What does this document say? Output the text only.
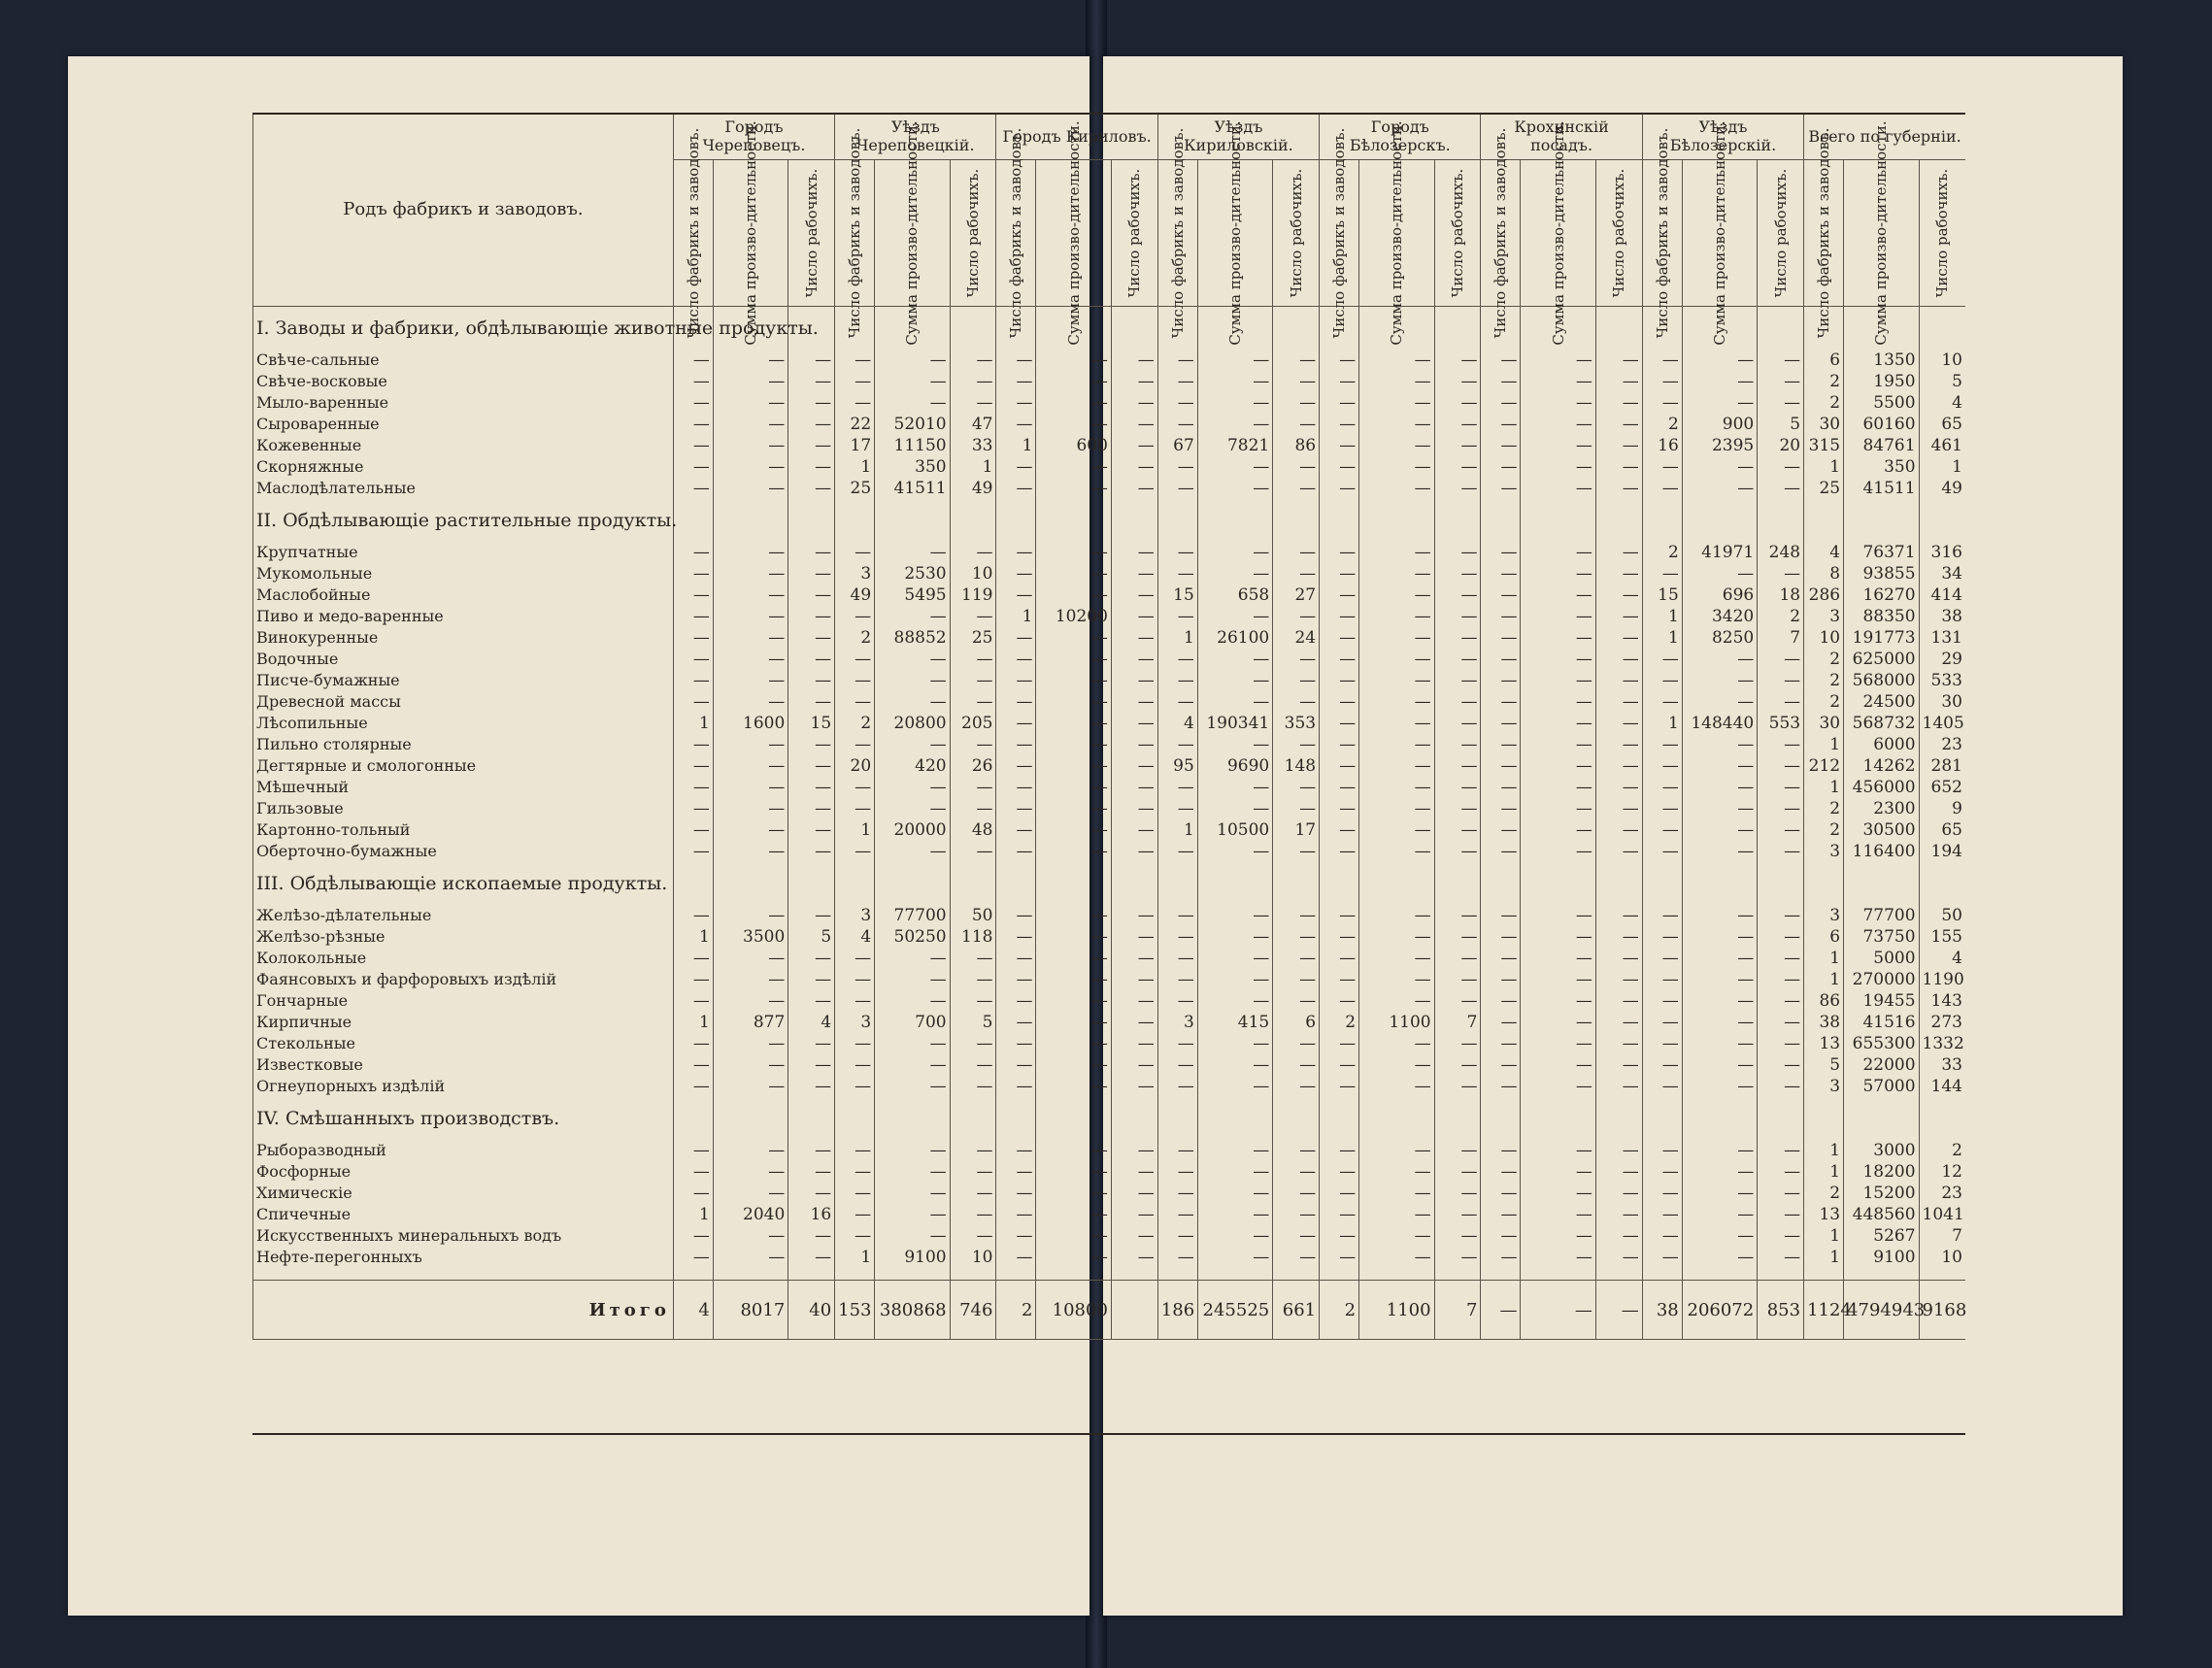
Родъ фабрикъ и заводовъ.	Городъ Череповецъ.			Уѣздъ Череповецкій.			Городъ Кириловъ.			Уѣздъ Кириловскій.			Городъ Бѣлозерскъ.			Крохинскій посадъ.			Уѣздъ Бѣлозерскій.			Всего по губерніи.		

	Число фабрикъ и заводовъ.	Сумма произво-дительности.	Число рабочихъ.	Число фабрикъ и заводовъ.	Сумма произво-дительности.	Число рабочихъ.	Число фабрикъ и заводовъ.	Сумма произво-дительности.	Число рабочихъ.	Число фабрикъ и заводовъ.	Сумма произво-дительности.	Число рабочихъ.	Число фабрикъ и заводовъ.	Сумма произво-дительности.	Число рабочихъ.	Число фабрикъ и заводовъ.	Сумма произво-дительности.	Число рабочихъ.	Число фабрикъ и заводовъ.	Сумма произво-дительности.	Число рабочихъ.	Число фабрикъ и заводовъ.	Сумма произво-дительности.	Число рабочихъ.

I. Заводы и фабрики, обдѣлывающіе животные продукты.																								
Свѣче-сальные	—	—	—	—	—	—	—	—	—	—	—	—	—	—	—	—	—	—	—	—	—	6	1350	10
Свѣче-восковые	—	—	—	—	—	—	—	—	—	—	—	—	—	—	—	—	—	—	—	—	—	2	1950	5
Мыло-варенные	—	—	—	—	—	—	—	—	—	—	—	—	—	—	—	—	—	—	—	—	—	2	5500	4
Сыроваренные	—	—	—	22	52010	47	—	—	—	—	—	—	—	—	—	—	—	—	2	900	5	30	60160	65
Кожевенные	—	—	—	17	11150	33	1	600	—	67	7821	86	—	—	—	—	—	—	16	2395	20	315	84761	461
Скорняжные	—	—	—	1	350	1	—	—	—	—	—	—	—	—	—	—	—	—	—	—	—	1	350	1
Маслодѣлательные	—	—	—	25	41511	49	—	—	—	—	—	—	—	—	—	—	—	—	—	—	—	25	41511	49
II. Обдѣлывающіе растительные продукты.																								
Крупчатные	—	—	—	—	—	—	—	—	—	—	—	—	—	—	—	—	—	—	2	41971	248	4	76371	316
Мукомольные	—	—	—	3	2530	10	—	—	—	—	—	—	—	—	—	—	—	—	—	—	—	8	93855	34
Маслобойные	—	—	—	49	5495	119	—	—	—	15	658	27	—	—	—	—	—	—	15	696	18	286	16270	414
Пиво и медо-варенные	—	—	—	—	—	—	1	10200	—	—	—	—	—	—	—	—	—	—	1	3420	2	3	88350	38
Винокуренные	—	—	—	2	88852	25	—	—	—	1	26100	24	—	—	—	—	—	—	1	8250	7	10	191773	131
Водочные	—	—	—	—	—	—	—	—	—	—	—	—	—	—	—	—	—	—	—	—	—	2	625000	29
Писче-бумажные	—	—	—	—	—	—	—	—	—	—	—	—	—	—	—	—	—	—	—	—	—	2	568000	533
Древесной массы	—	—	—	—	—	—	—	—	—	—	—	—	—	—	—	—	—	—	—	—	—	2	24500	30
Лѣсопильные	1	1600	15	2	20800	205	—	—	—	4	190341	353	—	—	—	—	—	—	1	148440	553	30	568732	1405
Пильно столярные	—	—	—	—	—	—	—	—	—	—	—	—	—	—	—	—	—	—	—	—	—	1	6000	23
Дегтярные и смологонные	—	—	—	20	420	26	—	—	—	95	9690	148	—	—	—	—	—	—	—	—	—	212	14262	281
Мѣшечный	—	—	—	—	—	—	—	—	—	—	—	—	—	—	—	—	—	—	—	—	—	1	456000	652
Гильзовые	—	—	—	—	—	—	—	—	—	—	—	—	—	—	—	—	—	—	—	—	—	2	2300	9
Картонно-тольный	—	—	—	1	20000	48	—	—	—	1	10500	17	—	—	—	—	—	—	—	—	—	2	30500	65
Оберточно-бумажные	—	—	—	—	—	—	—	—	—	—	—	—	—	—	—	—	—	—	—	—	—	3	116400	194
III. Обдѣлывающіе ископаемые продукты.																								
Желѣзо-дѣлательные	—	—	—	3	77700	50	—	—	—	—	—	—	—	—	—	—	—	—	—	—	—	3	77700	50
Желѣзо-рѣзные	1	3500	5	4	50250	118	—	—	—	—	—	—	—	—	—	—	—	—	—	—	—	6	73750	155
Колокольные	—	—	—	—	—	—	—	—	—	—	—	—	—	—	—	—	—	—	—	—	—	1	5000	4
Фаянсовыхъ и фарфоровыхъ издѣлій	—	—	—	—	—	—	—	—	—	—	—	—	—	—	—	—	—	—	—	—	—	1	270000	1190
Гончарные	—	—	—	—	—	—	—	—	—	—	—	—	—	—	—	—	—	—	—	—	—	86	19455	143
Кирпичные	1	877	4	3	700	5	—	—	—	3	415	6	2	1100	7	—	—	—	—	—	—	38	41516	273
Стекольные	—	—	—	—	—	—	—	—	—	—	—	—	—	—	—	—	—	—	—	—	—	13	655300	1332
Известковые	—	—	—	—	—	—	—	—	—	—	—	—	—	—	—	—	—	—	—	—	—	5	22000	33
Огнеупорныхъ издѣлій	—	—	—	—	—	—	—	—	—	—	—	—	—	—	—	—	—	—	—	—	—	3	57000	144
IV. Смѣшанныхъ производствъ.																								
Рыборазводный	—	—	—	—	—	—	—	—	—	—	—	—	—	—	—	—	—	—	—	—	—	1	3000	2
Фосфорные	—	—	—	—	—	—	—	—	—	—	—	—	—	—	—	—	—	—	—	—	—	1	18200	12
Химическіе	—	—	—	—	—	—	—	—	—	—	—	—	—	—	—	—	—	—	—	—	—	2	15200	23
Спичечные	1	2040	16	—	—	—	—	—	—	—	—	—	—	—	—	—	—	—	—	—	—	13	448560	1041
Искусственныхъ минеральныхъ водъ	—	—	—	—	—	—	—	—	—	—	—	—	—	—	—	—	—	—	—	—	—	1	5267	7
Нефте-перегонныхъ	—	—	—	1	9100	10	—	—	—	—	—	—	—	—	—	—	—	—	—	—	—	1	9100	10

Итого	4	8017	40	153	380868	746	2	10800		186	245525	661	2	1100	7	—	—	—	38	206072	853	1124	4794943	9168
